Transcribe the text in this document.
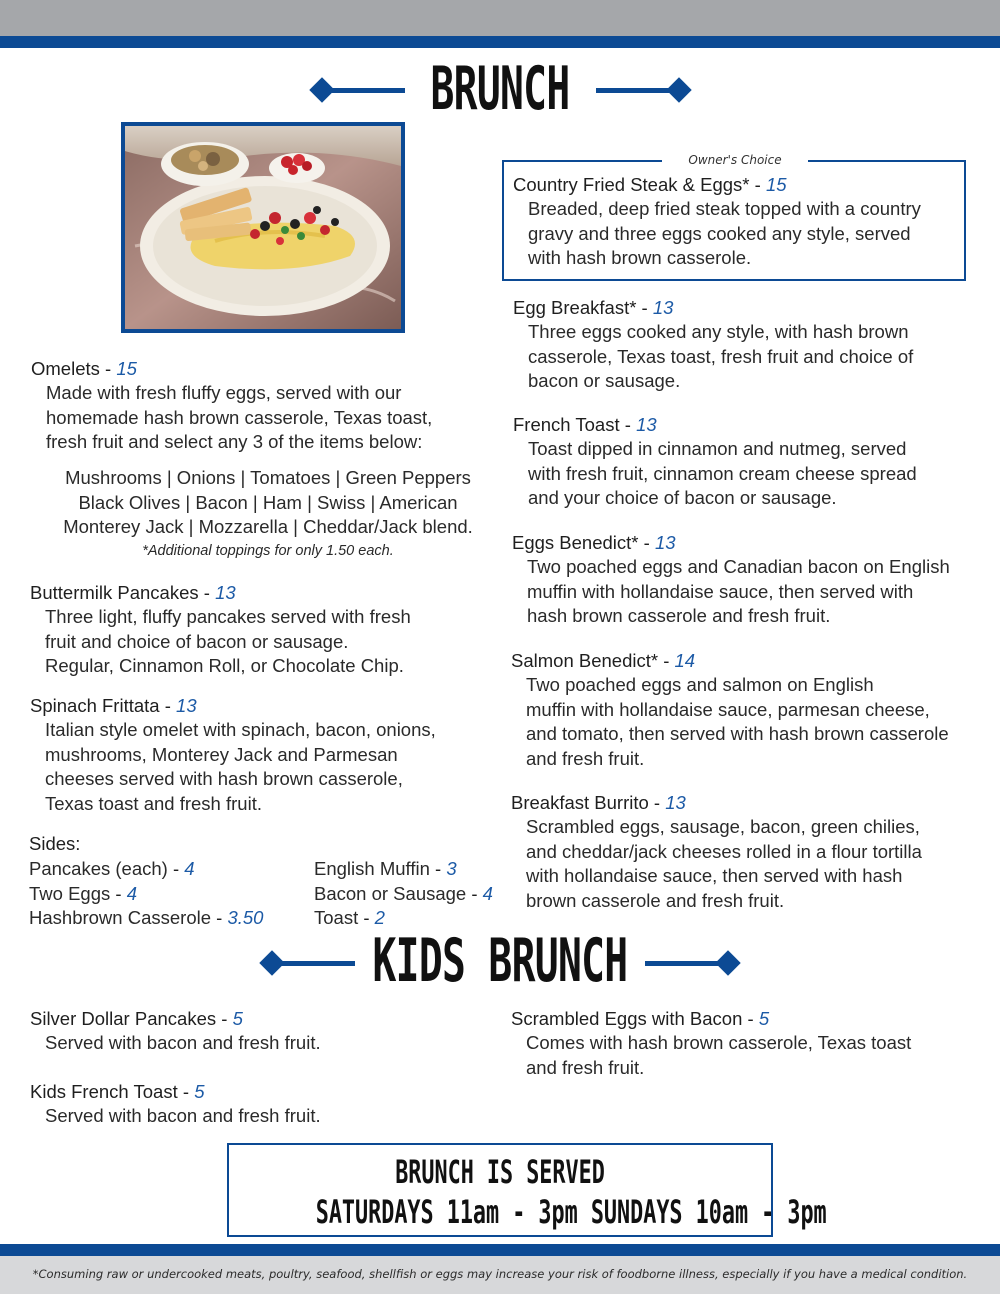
BRUNCH
Owner's Choice
Country Fried Steak & Eggs* - 15
Breaded, deep fried steak topped with a country
gravy and three eggs cooked any style, served
with hash brown casserole.
Omelets - 15
Made with fresh fluffy eggs, served with our
homemade hash brown casserole, Texas toast,
fresh fruit and select any 3 of the items below:
Mushrooms | Onions | Tomatoes | Green Peppers
Black Olives | Bacon | Ham | Swiss | American
Monterey Jack | Mozzarella | Cheddar/Jack blend.
*Additional toppings for only 1.50 each.
Buttermilk Pancakes - 13
Three light, fluffy pancakes served with fresh
fruit and choice of bacon or sausage.
Regular, Cinnamon Roll, or Chocolate Chip.
Spinach Frittata - 13
Italian style omelet with spinach, bacon, onions,
mushrooms, Monterey Jack and Parmesan
cheeses served with hash brown casserole,
Texas toast and fresh fruit.
Sides:
Pancakes (each) - 4
Two Eggs - 4
Hashbrown Casserole - 3.50
English Muffin - 3
Bacon or Sausage - 4
Toast - 2
Egg Breakfast* - 13
Three eggs cooked any style, with hash brown
casserole, Texas toast, fresh fruit and choice of
bacon or sausage.
French Toast - 13
Toast dipped in cinnamon and nutmeg, served
with fresh fruit, cinnamon cream cheese spread
and your choice of bacon or sausage.
Eggs Benedict* - 13
Two poached eggs and Canadian bacon on English
muffin with hollandaise sauce, then served with
hash brown casserole and fresh fruit.
Salmon Benedict* - 14
Two poached eggs and salmon on English
muffin with hollandaise sauce, parmesan cheese,
and tomato, then served with hash brown casserole
and fresh fruit.
Breakfast Burrito - 13
Scrambled eggs, sausage, bacon, green chilies,
and cheddar/jack cheeses rolled in a flour tortilla
with hollandaise sauce, then served with hash
brown casserole and fresh fruit.
KIDS BRUNCH
Silver Dollar Pancakes - 5
Served with bacon and fresh fruit.
Kids French Toast - 5
Served with bacon and fresh fruit.
Scrambled Eggs with Bacon - 5
Comes with hash brown casserole, Texas toast
and fresh fruit.
BRUNCH IS SERVED
SATURDAYS 11am - 3pm SUNDAYS 10am - 3pm
*Consuming raw or undercooked meats, poultry, seafood, shellfish or eggs may increase your risk of foodborne illness, especially if you have a medical condition.
